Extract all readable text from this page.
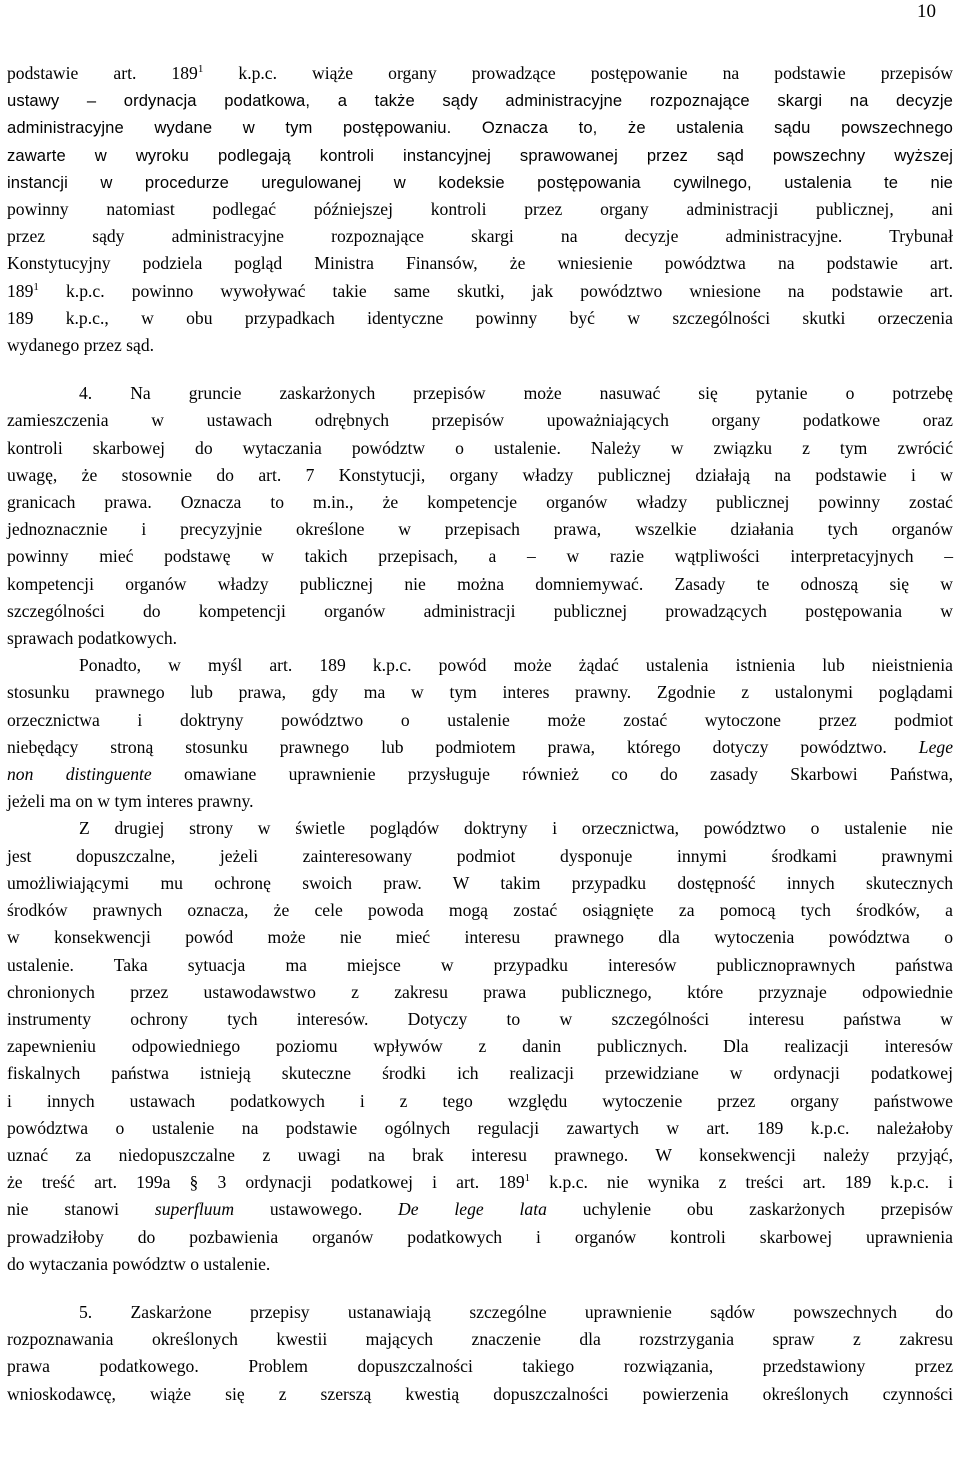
10
podstawie art. $189^1$ k.p.c. wiąże organy prowadzące postępowanie na podstawie przepisów
ustawy – ordynacja podatkowa, a także sądy administracyjne rozpoznające skargi na decyzje
administracyjne wydane w tym postępowaniu. Oznacza to, że ustalenia sądu powszechnego
zawarte w wyroku podlegają kontroli instancyjnej sprawowanej przez sąd powszechny wyższej
instancji w procedurze uregulowanej w kodeksie postępowania cywilnego, ustalenia te nie
powinny natomiast podlegać późniejszej kontroli przez organy administracji publicznej, ani
przez sądy administracyjne rozpoznające skargi na decyzje administracyjne. Trybunał
Konstytucyjny podziela pogląd Ministra Finansów, że wniesienie powództwa na podstawie art.
$189^1$ k.p.c. powinno wywoływać takie same skutki, jak powództwo wniesione na podstawie art.
189 k.p.c., w obu przypadkach identyczne powinny być w szczególności skutki orzeczenia
wydanego przez sąd.
4. Na gruncie zaskarżonych przepisów może nasuwać się pytanie o potrzebę
zamieszczenia w ustawach odrębnych przepisów upoważniających organy podatkowe oraz
kontroli skarbowej do wytaczania powództw o ustalenie. Należy w związku z tym zwrócić
uwagę, że stosownie do art. 7 Konstytucji, organy władzy publicznej działają na podstawie i w
granicach prawa. Oznacza to m.in., że kompetencje organów władzy publicznej powinny zostać
jednoznacznie i precyzyjnie określone w przepisach prawa, wszelkie działania tych organów
powinny mieć podstawę w takich przepisach, a – w razie wątpliwości interpretacyjnych –
kompetencji organów władzy publicznej nie można domniemywać. Zasady te odnoszą się w
szczególności do kompetencji organów administracji publicznej prowadzących postępowania w
sprawach podatkowych.
Ponadto, w myśl art. 189 k.p.c. powód może żądać ustalenia istnienia lub nieistnienia
stosunku prawnego lub prawa, gdy ma w tym interes prawny. Zgodnie z ustalonymi poglądami
orzecznictwa i doktryny powództwo o ustalenie może zostać wytoczone przez podmiot
niebędący stroną stosunku prawnego lub podmiotem prawa, którego dotyczy powództwo. Lege
non distinguente omawiane uprawnienie przysługuje również co do zasady Skarbowi Państwa,
jeżeli ma on w tym interes prawny.
Z drugiej strony w świetle poglądów doktryny i orzecznictwa, powództwo o ustalenie nie
jest dopuszczalne, jeżeli zainteresowany podmiot dysponuje innymi środkami prawnymi
umożliwiającymi mu ochronę swoich praw. W takim przypadku dostępność innych skutecznych
środków prawnych oznacza, że cele powoda mogą zostać osiągnięte za pomocą tych środków, a
w konsekwencji powód może nie mieć interesu prawnego dla wytoczenia powództwa o
ustalenie. Taka sytuacja ma miejsce w przypadku interesów publicznoprawnych państwa
chronionych przez ustawodawstwo z zakresu prawa publicznego, które przyznaje odpowiednie
instrumenty ochrony tych interesów. Dotyczy to w szczególności interesu państwa w
zapewnieniu odpowiedniego poziomu wpływów z danin publicznych. Dla realizacji interesów
fiskalnych państwa istnieją skuteczne środki ich realizacji przewidziane w ordynacji podatkowej
i innych ustawach podatkowych i z tego względu wytoczenie przez organy państwowe
powództwa o ustalenie na podstawie ogólnych regulacji zawartych w art. 189 k.p.c. należałoby
uznać za niedopuszczalne z uwagi na brak interesu prawnego. W konsekwencji należy przyjąć,
że treść art. 199a § 3 ordynacji podatkowej i art. $189^1$ k.p.c. nie wynika z treści art. 189 k.p.c. i
nie stanowi superfluum ustawowego. De lege lata uchylenie obu zaskarżonych przepisów
prowadziłoby do pozbawienia organów podatkowych i organów kontroli skarbowej uprawnienia
do wytaczania powództw o ustalenie.
5. Zaskarżone przepisy ustanawiają szczególne uprawnienie sądów powszechnych do
rozpoznawania określonych kwestii mających znaczenie dla rozstrzygania spraw z zakresu
prawa podatkowego. Problem dopuszczalności takiego rozwiązania, przedstawiony przez
wnioskodawcę, wiąże się z szerszą kwestią dopuszczalności powierzenia określonych czynności
